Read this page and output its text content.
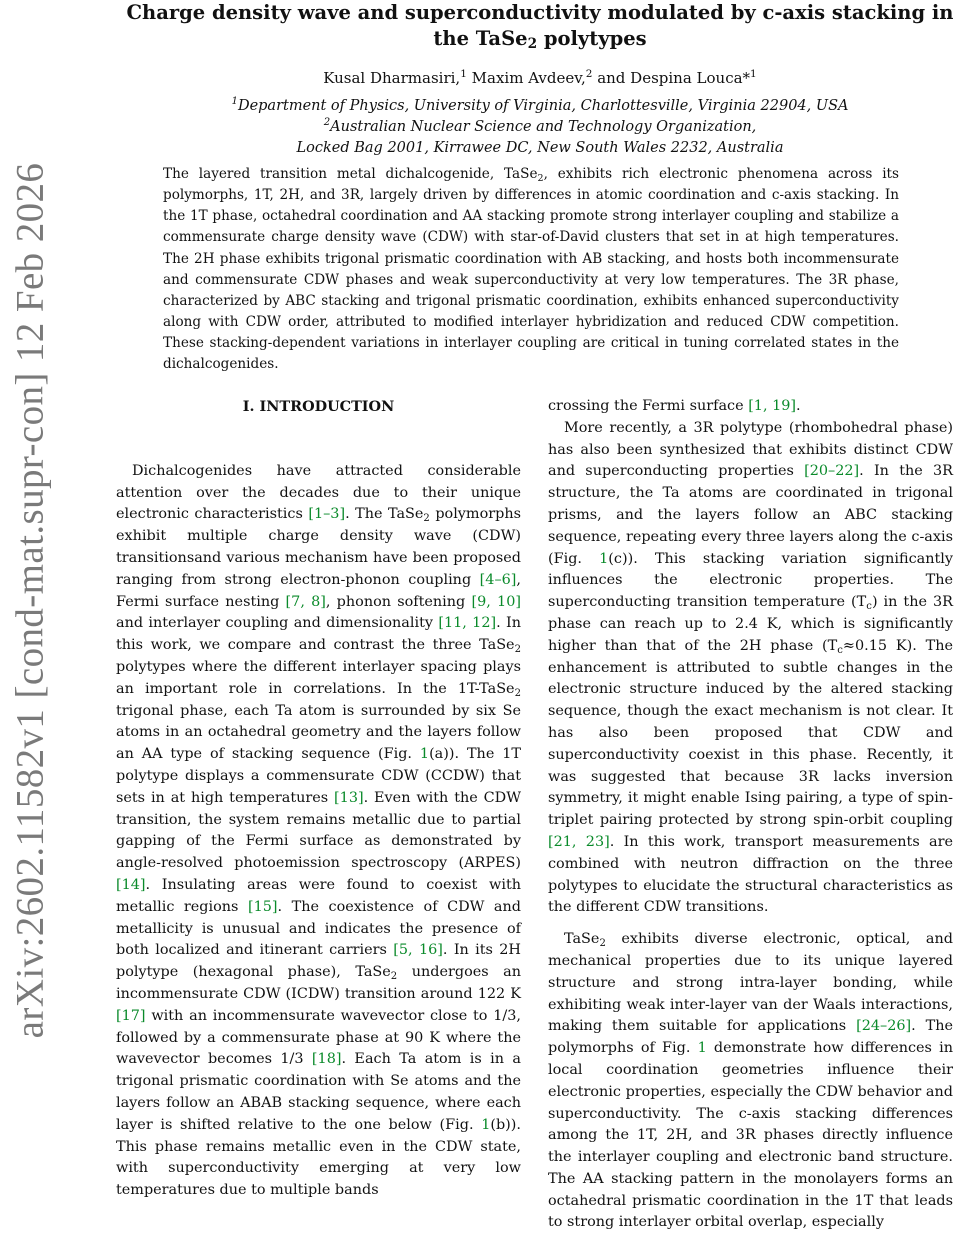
arXiv:2602.11582v1 [cond-mat.supr-con] 12 Feb 2026
Charge density wave and superconductivity modulated by c-axis stacking in
the TaSe$_2$ polytypes
Kusal Dharmasiri,$^1$ Maxim Avdeev,$^2$ and Despina Louca*$^1$
$^1$Department of Physics, University of Virginia, Charlottesville, Virginia 22904, USA
$^2$Australian Nuclear Science and Technology Organization,
Locked Bag 2001, Kirrawee DC, New South Wales 2232, Australia

The layered transition metal dichalcogenide, TaSe$_2$, exhibits rich electronic phenomena across its polymorphs, 1T, 2H, and 3R, largely driven by differences in atomic coordination and c-axis stacking. In the 1T phase, octahedral coordination and AA stacking promote strong interlayer coupling and stabilize a commensurate charge density wave (CDW) with star-of-David clusters that set in at high temperatures. The 2H phase exhibits trigonal prismatic coordination with AB stacking, and hosts both incommensurate and commensurate CDW phases and weak superconductivity at very low temperatures. The 3R phase, characterized by ABC stacking and trigonal prismatic coordination, exhibits enhanced superconductivity along with CDW order, attributed to modified interlayer hybridization and reduced CDW competition. These stacking-dependent variations in interlayer coupling are critical in tuning correlated states in the dichalcogenides.

I. INTRODUCTION

Dichalcogenides have attracted considerable attention over the decades due to their unique electronic characteristics [1–3]. The TaSe$_2$ polymorphs exhibit multiple charge density wave (CDW) transitionsand various mechanism have been proposed ranging from strong electron-phonon coupling [4–6], Fermi surface nesting [7, 8], phonon softening [9, 10] and interlayer coupling and dimensionality [11, 12]. In this work, we compare and contrast the three TaSe$_2$ polytypes where the different interlayer spacing plays an important role in correlations. In the 1T-TaSe$_2$ trigonal phase, each Ta atom is surrounded by six Se atoms in an octahedral geometry and the layers follow an AA type of stacking sequence (Fig. 1(a)). The 1T polytype displays a commensurate CDW (CCDW) that sets in at high temperatures [13]. Even with the CDW transition, the system remains metallic due to partial gapping of the Fermi surface as demonstrated by angle-resolved photoemission spectroscopy (ARPES) [14]. Insulating areas were found to coexist with metallic regions [15]. The coexistence of CDW and metallicity is unusual and indicates the presence of both localized and itinerant carriers [5, 16]. In its 2H polytype (hexagonal phase), TaSe$_2$ undergoes an incommensurate CDW (ICDW) transition around 122 K [17] with an incommensurate wavevector close to 1/3, followed by a commensurate phase at 90 K where the wavevector becomes 1/3 [18]. Each Ta atom is in a trigonal prismatic coordination with Se atoms and the layers follow an ABAB stacking sequence, where each layer is shifted relative to the one below (Fig. 1(b)). This phase remains metallic even in the CDW state, with superconductivity emerging at very low temperatures due to multiple bands

crossing the Fermi surface [1, 19].

More recently, a 3R polytype (rhombohedral phase) has also been synthesized that exhibits distinct CDW and superconducting properties [20–22]. In the 3R structure, the Ta atoms are coordinated in trigonal prisms, and the layers follow an ABC stacking sequence, repeating every three layers along the c-axis (Fig. 1(c)). This stacking variation significantly influences the electronic properties. The superconducting transition temperature $(T_c)$ in the 3R phase can reach up to 2.4 K, which is significantly higher than that of the 2H phase ($T_c\approx 0.15$ K). The enhancement is attributed to subtle changes in the electronic structure induced by the altered stacking sequence, though the exact mechanism is not clear. It has also been proposed that CDW and superconductivity coexist in this phase. Recently, it was suggested that because 3R lacks inversion symmetry, it might enable Ising pairing, a type of spin-triplet pairing protected by strong spin-orbit coupling [21, 23]. In this work, transport measurements are combined with neutron diffraction on the three polytypes to elucidate the structural characteristics as the different CDW transitions.

TaSe$_2$ exhibits diverse electronic, optical, and mechanical properties due to its unique layered structure and strong intra-layer bonding, while exhibiting weak inter-layer van der Waals interactions, making them suitable for applications [24–26]. The polymorphs of Fig. 1 demonstrate how differences in local coordination geometries influence their electronic properties, especially the CDW behavior and superconductivity. The c-axis stacking differences among the 1T, 2H, and 3R phases directly influence the interlayer coupling and electronic band structure. The AA stacking pattern in the monolayers forms an octahedral prismatic coordination in the 1T that leads to strong interlayer orbital overlap, especially
